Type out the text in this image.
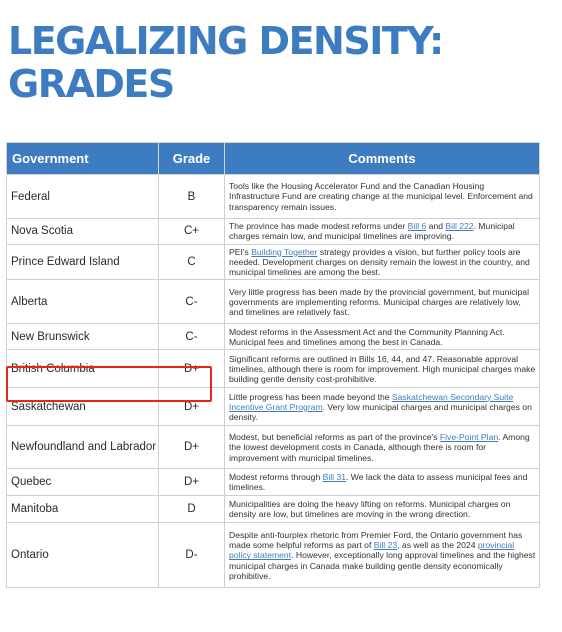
LEGALIZING DENSITY:
GRADES
Government	Grade	Comments
Federal	B	Tools like the Housing Accelerator Fund and the Canadian Housing Infrastructure Fund are creating change at the municipal level. Enforcement and transparency remain issues.
Nova Scotia	C+	The province has made modest reforms under Bill 6 and Bill 222. Municipal charges remain low, and municipal timelines are improving.
Prince Edward Island	C	PEI's Building Together strategy provides a vision, but further policy tools are needed. Development charges on density remain the lowest in the country, and municipal timelines are among the best.
Alberta	C-	Very little progress has been made by the provincial government, but municipal governments are implementing reforms. Municipal charges are relatively low, and timelines are relatively fast.
New Brunswick	C-	Modest reforms in the Assessment Act and the Community Planning Act. Municipal fees and timelines among the best in Canada.
British Columbia	D+	Significant reforms are outlined in Bills 16, 44, and 47. Reasonable approval timelines, although there is room for improvement. High municipal charges make building gentle density cost-prohibitive.
Saskatchewan	D+	Little progress has been made beyond the Saskatchewan Secondary Suite Incentive Grant Program. Very low municipal charges and municipal charges on density.
Newfoundland and Labrador	D+	Modest, but beneficial reforms as part of the province's Five-Point Plan. Among the lowest development costs in Canada, although there is room for improvement with municipal timelines.
Quebec	D+	Modest reforms through Bill 31. We lack the data to assess municipal fees and timelines.
Manitoba	D	Municipalities are doing the heavy lifting on reforms. Municipal charges on density are low, but timelines are moving in the wrong direction.
Ontario	D-	Despite anti-fourplex rhetoric from Premier Ford, the Ontario government has made some helpful reforms as part of Bill 23, as well as the 2024 provincial policy statement. However, exceptionally long approval timelines and the highest municipal charges in Canada make building gentle density economically prohibitive.
